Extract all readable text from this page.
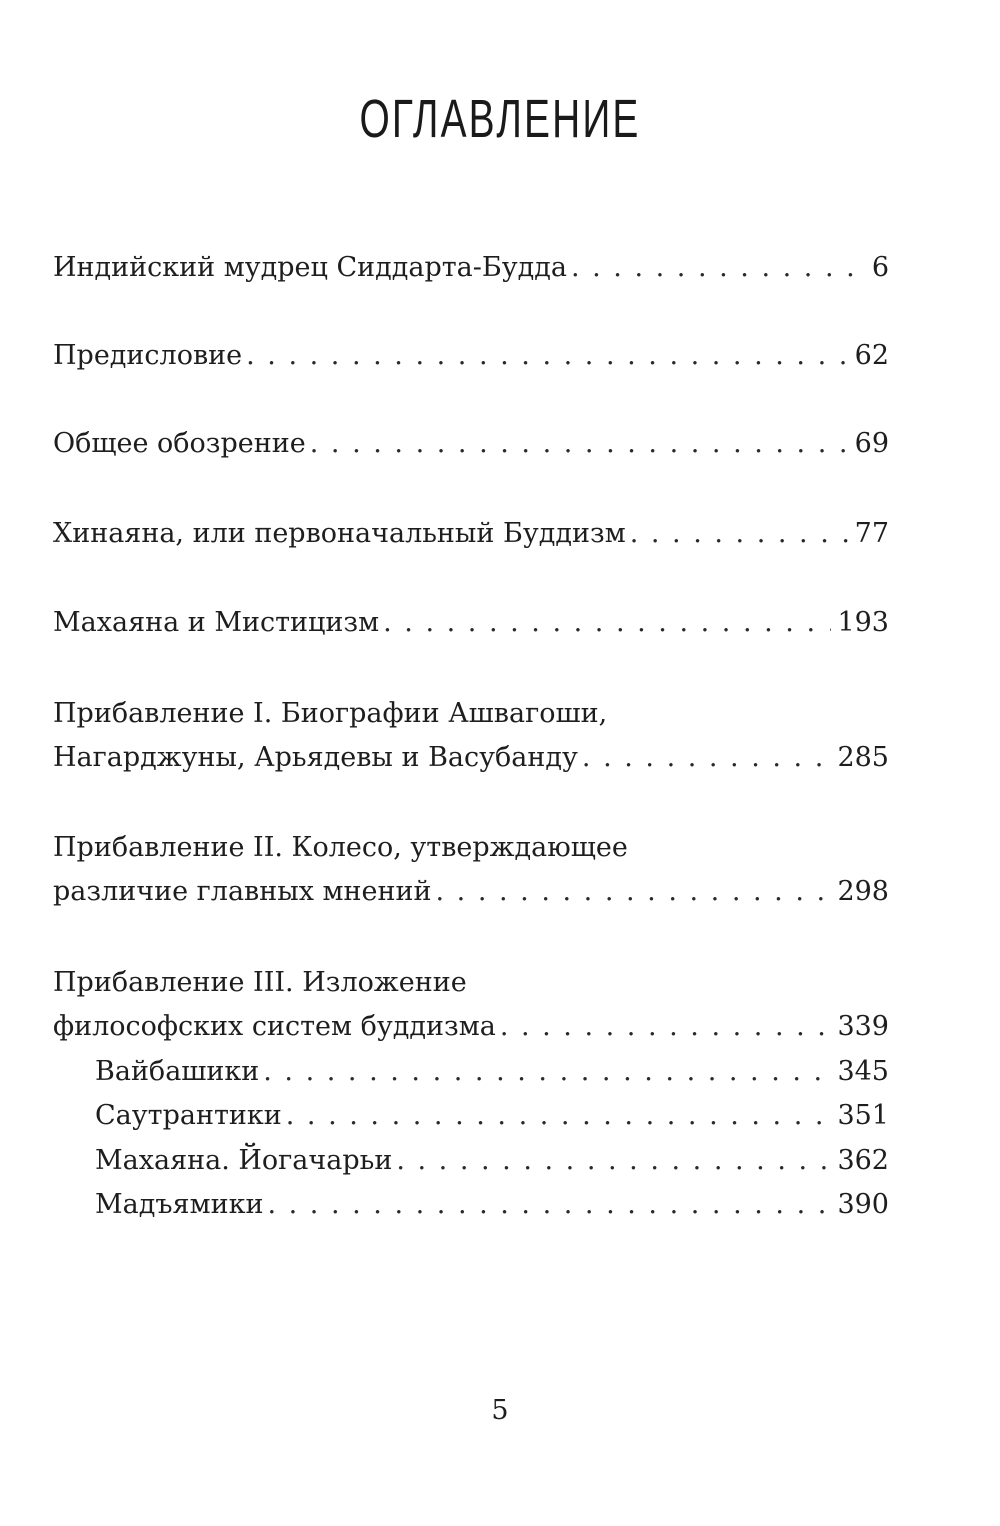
ОГЛАВЛЕНИЕ
Индийский мудрец Сиддарта-Будда . . .	6
Предисловие . . .	62
Общее обозрение . . .	69
Хинаяна, или первоначальный Буддизм . . .	77
Махаяна и Мистицизм . . .	193
Прибавление I. Биографии Ашвагоши,
Нагарджуны, Арьядевы и Васубанду . . .	285
Прибавление II. Колесо, утверждающее
различие главных мнений . . .	298
Прибавление III. Изложение
философских систем буддизма . . .	339
Вайбашики . . .	345
Саутрантики . . .	351
Махаяна. Йогачарьи . . .	362
Мадъямики . . .	390
5
